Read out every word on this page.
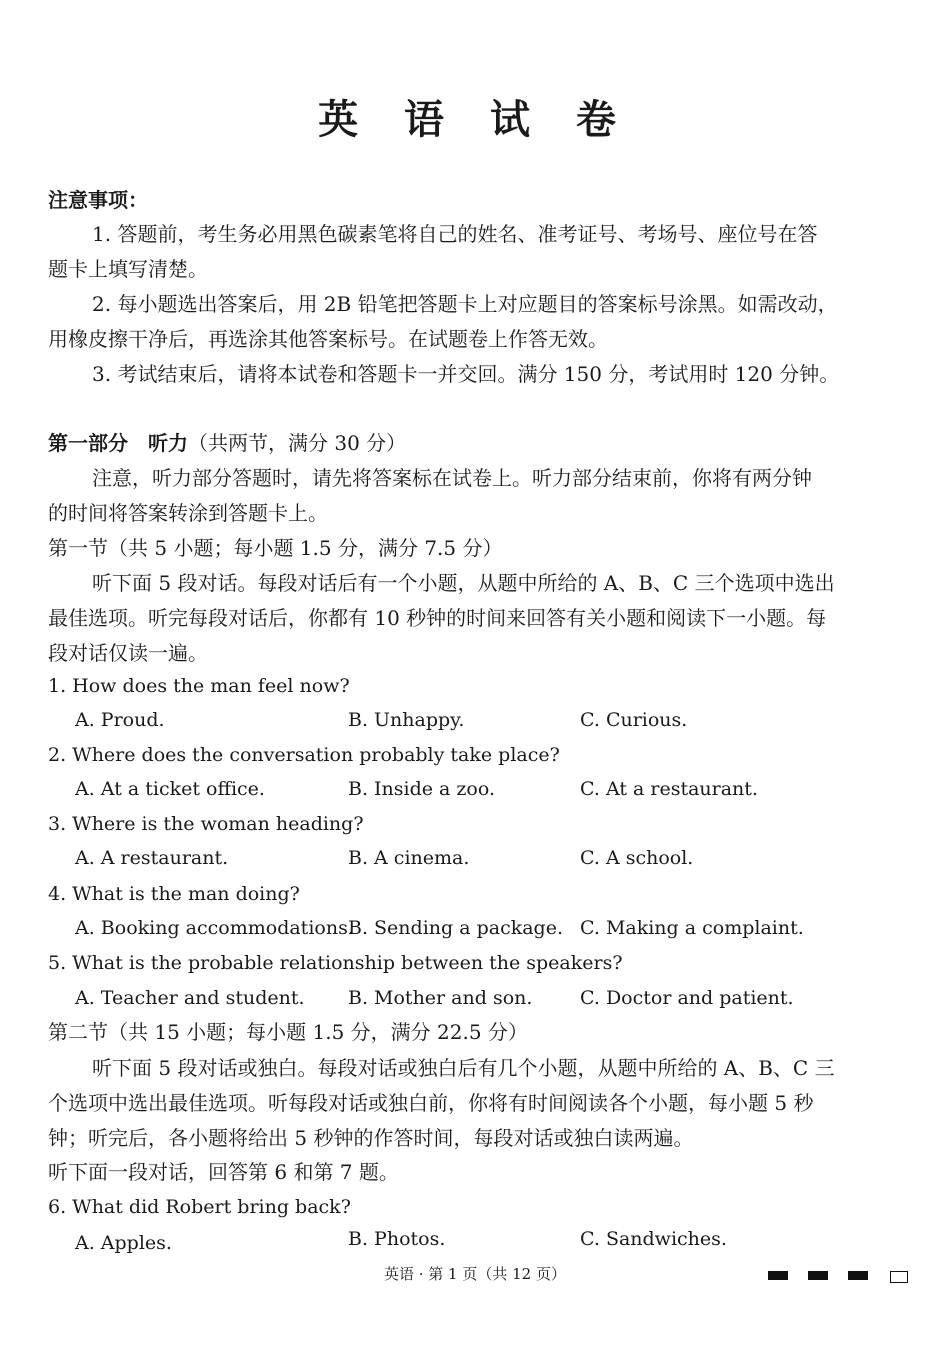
英 语 试 卷
注意事项：
1. 答题前，考生务必用黑色碳素笔将自己的姓名、准考证号、考场号、座位号在答
题卡上填写清楚。
2. 每小题选出答案后，用 2B 铅笔把答题卡上对应题目的答案标号涂黑。如需改动，
用橡皮擦干净后，再选涂其他答案标号。在试题卷上作答无效。
3. 考试结束后，请将本试卷和答题卡一并交回。满分 150 分，考试用时 120 分钟。
第一部分　听力（共两节，满分 30 分）
注意，听力部分答题时，请先将答案标在试卷上。听力部分结束前，你将有两分钟
的时间将答案转涂到答题卡上。
第一节（共 5 小题；每小题 1.5 分，满分 7.5 分）
听下面 5 段对话。每段对话后有一个小题，从题中所给的 A、B、C 三个选项中选出
最佳选项。听完每段对话后，你都有 10 秒钟的时间来回答有关小题和阅读下一小题。每
段对话仅读一遍。
1. How does the man feel now?
A. Proud.	B. Unhappy.	C. Curious.
2. Where does the conversation probably take place?
A. At a ticket office.	B. Inside a zoo.	C. At a restaurant.
3. Where is the woman heading?
A. A restaurant.	B. A cinema.	C. A school.
4. What is the man doing?
A. Booking accommodations.
B. Sending a package. C. Making a complaint.
5. What is the probable relationship between the speakers?
A. Teacher and student. B. Mother and son.	C. Doctor and patient.
第二节（共 15 小题；每小题 1.5 分，满分 22.5 分）
听下面 5 段对话或独白。每段对话或独白后有几个小题，从题中所给的 A、B、C 三
个选项中选出最佳选项。听每段对话或独白前，你将有时间阅读各个小题，每小题 5 秒
钟；听完后，各小题将给出 5 秒钟的作答时间，每段对话或独白读两遍。
听下面一段对话，回答第 6 和第 7 题。
6. What did Robert bring back?
A. Apples.	B. Photos.	C. Sandwiches.
英语 · 第 1 页（共 12 页）
